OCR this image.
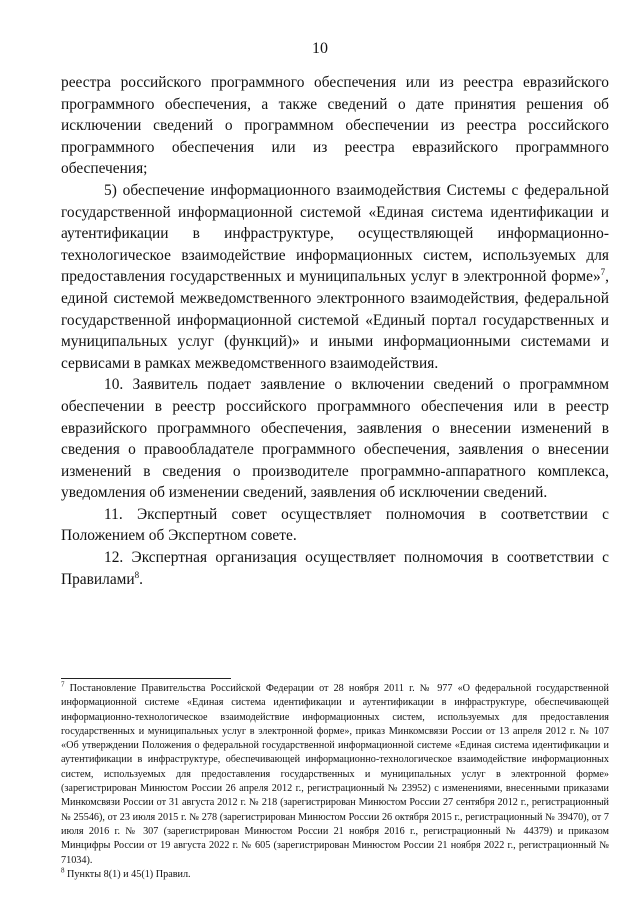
10

реестра российского программного обеспечения или из реестра евразийского программного обеспечения, а также сведений о дате принятия решения об исключении сведений о программном обеспечении из реестра российского программного обеспечения или из реестра евразийского программного обеспечения;

5) обеспечение информационного взаимодействия Системы с федеральной государственной информационной системой «Единая система идентификации и аутентификации в инфраструктуре, осуществляющей информационно-технологическое взаимодействие информационных систем, используемых для предоставления государственных и муниципальных услуг в электронной форме»$^7$, единой системой межведомственного электронного взаимодействия, федеральной государственной информационной системой «Единый портал государственных и муниципальных услуг (функций)» и иными информационными системами и сервисами в рамках межведомственного взаимодействия.

10. Заявитель подает заявление о включении сведений о программном обеспечении в реестр российского программного обеспечения или в реестр евразийского программного обеспечения, заявления о внесении изменений в сведения о правообладателе программного обеспечения, заявления о внесении изменений в сведения о производителе программно-аппаратного комплекса, уведомления об изменении сведений, заявления об исключении сведений.

11. Экспертный совет осуществляет полномочия в соответствии с Положением об Экспертном совете.

12. Экспертная организация осуществляет полномочия в соответствии с Правилами$^8$.

$^7$ Постановление Правительства Российской Федерации от 28 ноября 2011 г. № 977 «О федеральной государственной информационной системе «Единая система идентификации и аутентификации в инфраструктуре, обеспечивающей информационно-технологическое взаимодействие информационных систем, используемых для предоставления государственных и муниципальных услуг в электронной форме», приказ Минкомсвязи России от 13 апреля 2012 г. № 107 «Об утверждении Положения о федеральной государственной информационной системе «Единая система идентификации и аутентификации в инфраструктуре, обеспечивающей информационно-технологическое взаимодействие информационных систем, используемых для предоставления государственных и муниципальных услуг в электронной форме» (зарегистрирован Минюстом России 26 апреля 2012 г., регистрационный № 23952) с изменениями, внесенными приказами Минкомсвязи России от 31 августа 2012 г. № 218 (зарегистрирован Минюстом России 27 сентября 2012 г., регистрационный № 25546), от 23 июля 2015 г. № 278 (зарегистрирован Минюстом России 26 октября 2015 г., регистрационный № 39470), от 7 июля 2016 г. № 307 (зарегистрирован Минюстом России 21 ноября 2016 г., регистрационный № 44379) и приказом Минцифры России от 19 августа 2022 г. № 605 (зарегистрирован Минюстом России 21 ноября 2022 г., регистрационный № 71034).

$^8$ Пункты 8(1) и 45(1) Правил.
